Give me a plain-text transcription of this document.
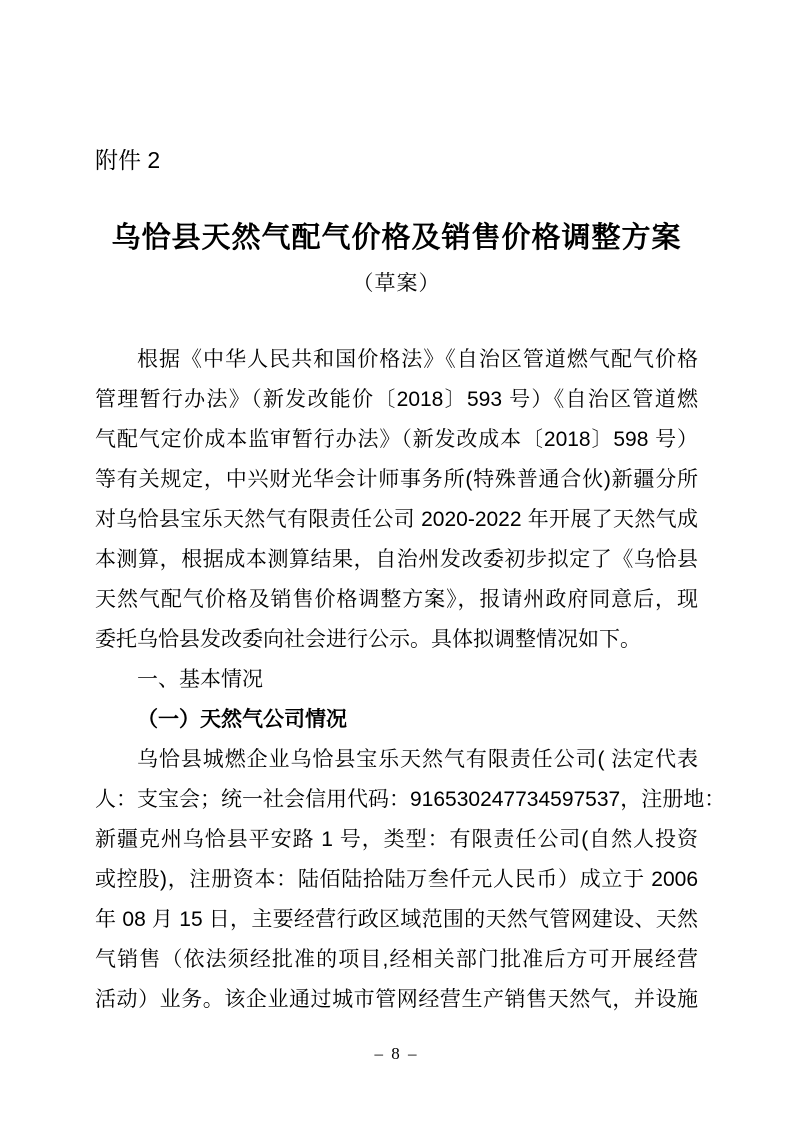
附件 2
乌恰县天然气配气价格及销售价格调整方案
（草案）
根据《中华人民共和国价格法》《自治区管道燃气配气价格
管理暂行办法》（新发改能价〔2018〕593 号）《自治区管道燃
气配气定价成本监审暂行办法》（新发改成本〔2018〕598 号）
等有关规定，中兴财光华会计师事务所(特殊普通合伙)新疆分所
对乌恰县宝乐天然气有限责任公司 2020-2022 年开展了天然气成
本测算，根据成本测算结果，自治州发改委初步拟定了《乌恰县
天然气配气价格及销售价格调整方案》，报请州政府同意后，现
委托乌恰县发改委向社会进行公示。具体拟调整情况如下。
一、基本情况
（一）天然气公司情况
乌恰县城燃企业乌恰县宝乐天然气有限责任公司( 法定代表
人：支宝会；统一社会信用代码：916530247734597537，注册地：
新疆克州乌恰县平安路 1 号，类型：有限责任公司(自然人投资
或控股)，注册资本：陆佰陆拾陆万叁仟元人民币）成立于 2006
年 08 月 15 日，主要经营行政区域范围的天然气管网建设、天然
气销售（依法须经批准的项目,经相关部门批准后方可开展经营
活动）业务。该企业通过城市管网经营生产销售天然气，并设施
– 8 –
